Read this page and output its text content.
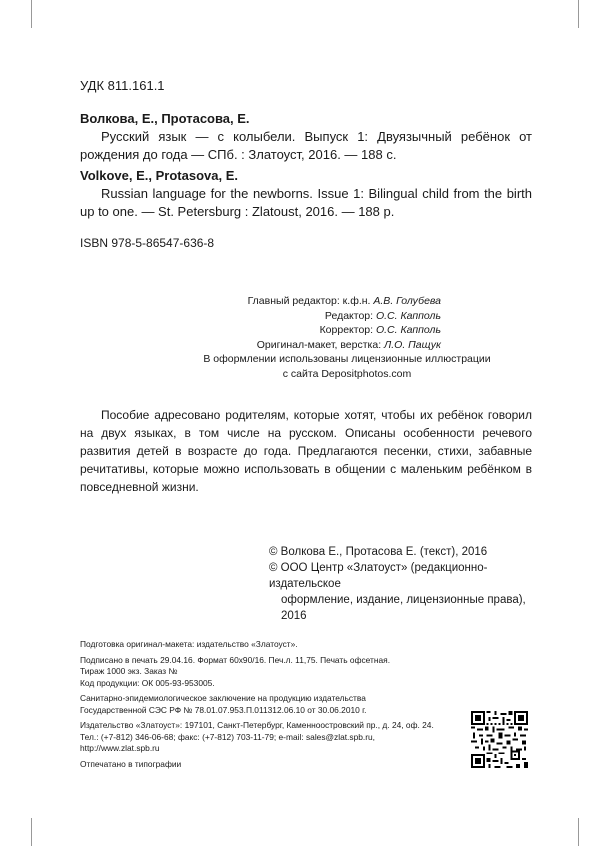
УДК 811.161.1

Волкова, Е., Протасова, Е.

Русский язык — с колыбели. Выпуск 1: Двуязычный ребёнок от рождения до года — СПб. : Златоуст, 2016. — 188 с.

Volkove, E., Protasova, E.

Russian language for the newborns. Issue 1: Bilingual child from the birth up to one. — St. Petersburg : Zlatoust, 2016. — 188 p.

ISBN 978-5-86547-636-8
Главный редактор: к.ф.н. А.В. Голубева
Редактор: О.С. Капполь
Корректор: О.С. Капполь
Оригинал-макет, верстка: Л.О. Пащук
В оформлении использованы лицензионные иллюстрации
с сайта Depositphotos.com
Пособие адресовано родителям, которые хотят, чтобы их ребёнок говорил на двух языках, в том числе на русском. Описаны особенности речевого развития детей в возрасте до года. Предлагаются песенки, стихи, забавные речитативы, которые можно использовать в общении с маленьким ребёнком в повседневной жизни.
© Волкова Е., Протасова Е. (текст), 2016
© ООО Центр «Златоуст» (редакционно-издательское
оформление, издание, лицензионные права), 2016
Подготовка оригинал-макета: издательство «Златоуст».
Подписано в печать 29.04.16. Формат 60х90/16. Печ.л. 11,75. Печать офсетная.
Тираж 1000 экз. Заказ №
Код продукции: ОК 005-93-953005.
Санитарно-эпидемиологическое заключение на продукцию издательства
Государственной СЭС РФ № 78.01.07.953.П.011312.06.10 от 30.06.2010 г.
Издательство «Златоуст»: 197101, Санкт-Петербург, Каменноостровский пр., д. 24, оф. 24.
Тел.: (+7-812) 346-06-68; факс: (+7-812) 703-11-79; e-mail: sales@zlat.spb.ru,
http://www.zlat.spb.ru
Отпечатано в типографии
